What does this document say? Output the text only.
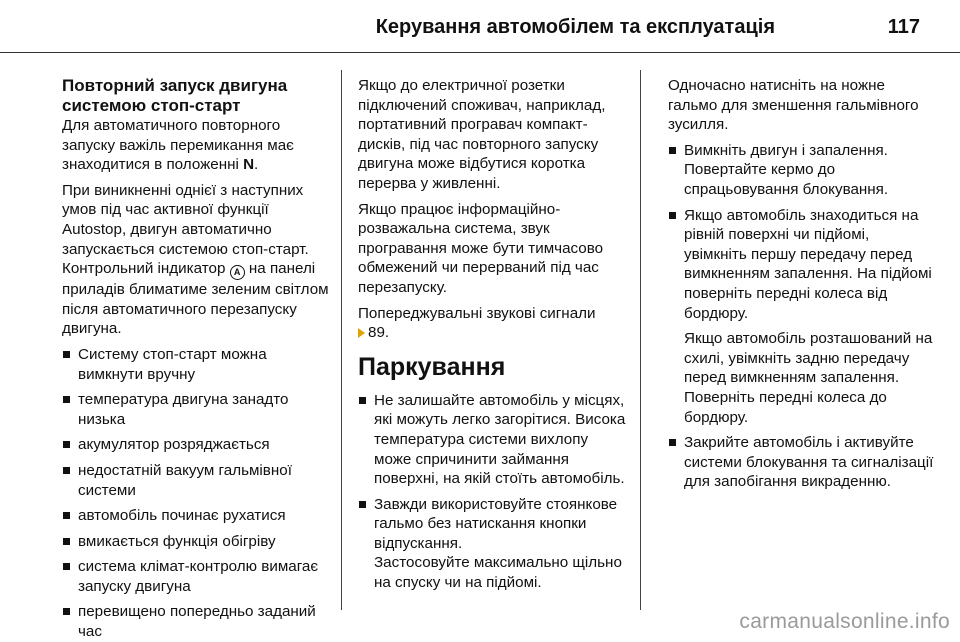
Керування автомобілем та експлуатація	117
Повторний запуск двигуна системою стоп-старт

Для автоматичного повторного запуску важіль перемикання має знаходитися в положенні N.

При виникненні однієї з наступних умов під час активної функції Autostop, двигун автоматично запускається системою стоп-старт. Контрольний індикатор A на панелі приладів блиматиме зеленим світлом після автоматичного перезапуску двигуна.

Систему стоп-старт можна вимкнути вручну
температура двигуна занадто низька
акумулятор розряджається
недостатній вакуум гальмівної системи
автомобіль починає рухатися
вмикається функція обігріву
система клімат-контролю вимагає запуску двигуна
перевищено попередньо заданий час

Якщо до електричної розетки підключений споживач, наприклад, портативний програвач компакт-дисків, під час повторного запуску двигуна може відбутися коротка перерва у живленні.

Якщо працює інформаційно-розважальна система, звук програвання може бути тимчасово обмежений чи перерваний під час перезапуску.

Попереджувальні звукові сигнали
89.

Паркування
Не залишайте автомобіль у місцях, які можуть легко загорітися. Висока температура системи вихлопу може спричинити займання поверхні, на якій стоїть автомобіль.
Завжди використовуйте стоянкове гальмо без натискання кнопки відпускання.
Застосовуйте максимально щільно на спуску чи на підйомі.

Одночасно натисніть на ножне гальмо для зменшення гальмівного зусилля.

Вимкніть двигун і запалення. Повертайте кермо до спрацьовування блокування.
Якщо автомобіль знаходиться на рівній поверхні чи підйомі, увімкніть першу передачу перед вимкненням запалення. На підйомі поверніть передні колеса від бордюру.
Якщо автомобіль розташований на схилі, увімкніть задню передачу перед вимкненням запалення. Поверніть передні колеса до бордюру.
Закрийте автомобіль і активуйте системи блокування та сигналізації для запобігання викраденню.
carmanualsonline.info
